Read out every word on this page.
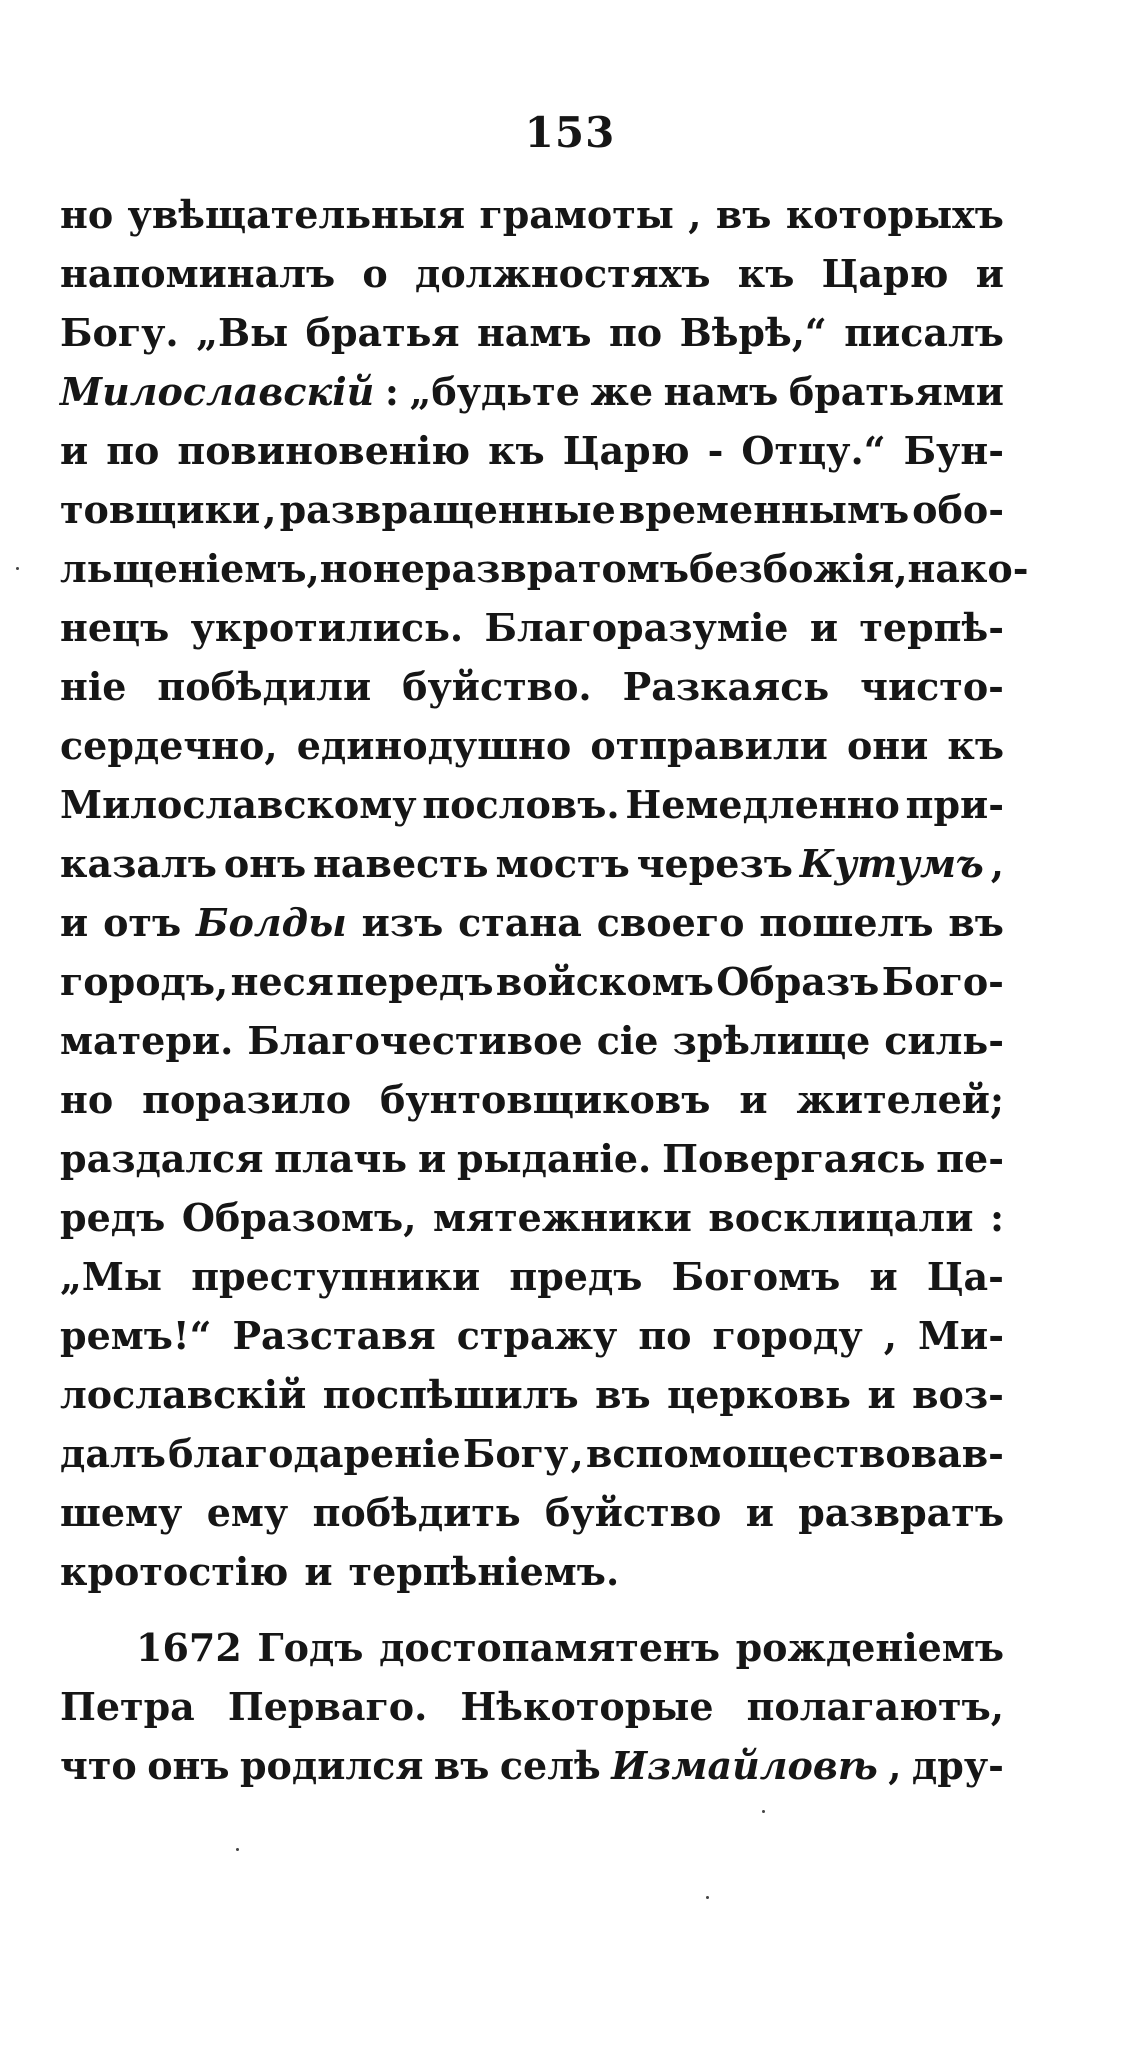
153
но увѣщательныя грамоты , въ которыхъ
напоминалъ о должностяхъ къ Царю и
Богу. „Вы братья намъ по Вѣрѣ,“ писалъ
Милославскій : „будьте же намъ братьями
и по повиновенію къ Царю - Отцу.“ Бун-
товщики , развращенные временнымъ обо-
льщеніемъ, но не развратомъ безбожія, нако-
нецъ укротились. Благоразуміе и терпѣ-
ніе побѣдили буйство. Разкаясь чисто-
сердечно, единодушно отправили они къ
Милославскому пословъ. Немедленно при-
казалъ онъ навесть мостъ черезъ Кутумъ ,
и отъ Болды изъ стана своего пошелъ въ
городъ, неся передъ войскомъ Образъ Бого-
матери. Благочестивое сіе зрѣлище силь-
но поразило бунтовщиковъ и жителей;
раздался плачь и рыданіе. Повергаясь пе-
редъ Образомъ, мятежники восклицали :
„Мы преступники предъ Богомъ и Ца-
ремъ!“ Разставя стражу по городу , Ми-
лославскій поспѣшилъ въ церковь и воз-
далъ благодареніе Богу , вспомоществовав-
шему ему побѣдить буйство и развратъ
кротостію и терпѣніемъ.
1672 Годъ достопамятенъ рожденіемъ
Петра Перваго. Нѣкоторые полагаютъ,
что онъ родился въ селѣ Измайловѣ , дру-
